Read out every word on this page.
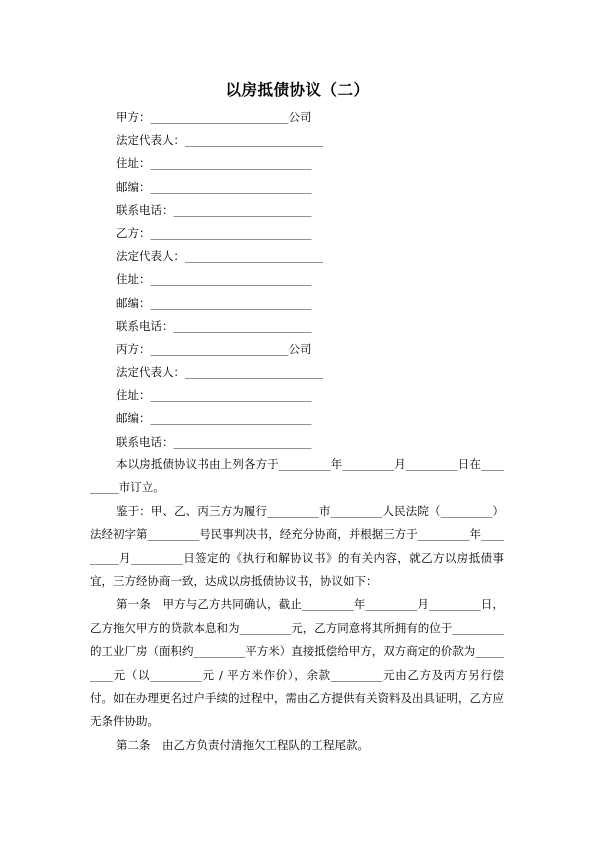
以房抵债协议（二）
甲方：________________________公司
法定代表人：________________________
住址：____________________________
邮编：____________________________
联系电话：________________________
乙方：____________________________
法定代表人：________________________
住址：____________________________
邮编：____________________________
联系电话：________________________
丙方：________________________公司
法定代表人：________________________
住址：____________________________
邮编：____________________________
联系电话：________________________

本以房抵债协议书由上列各方于_________年_________月_________日在_________市订立。

鉴于：甲、乙、丙三方为履行_________市_________人民法院（_________）法经初字第_________号民事判决书，经充分协商，并根据三方于_________年_________月_________日签定的《执行和解协议书》的有关内容，就乙方以房抵债事宜，三方经协商一致，达成以房抵债协议书，协议如下：

第一条　甲方与乙方共同确认，截止_________年_________月_________日，乙方拖欠甲方的贷款本息和为_________元，乙方同意将其所拥有的位于_________的工业厂房（面积约_________平方米）直接抵偿给甲方，双方商定的价款为_________元（以_________元 / 平方米作价），余款_________元由乙方及丙方另行偿付。如在办理更名过户手续的过程中，需由乙方提供有关资料及出具证明，乙方应无条件协助。

第二条　由乙方负责付清拖欠工程队的工程尾款。
